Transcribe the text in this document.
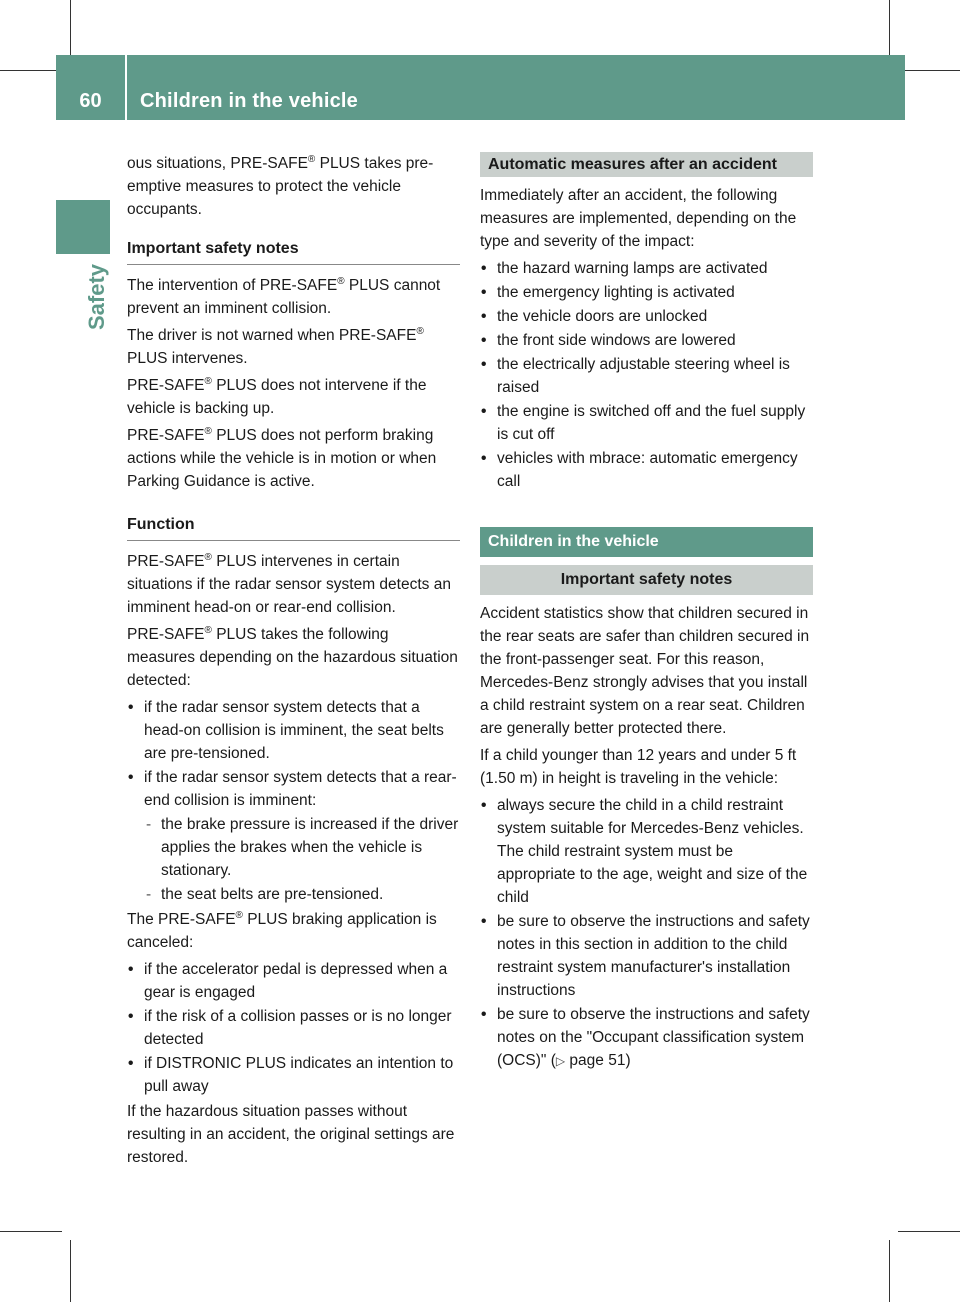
60	Children in the vehicle
Safety

ous situations, PRE-SAFE® PLUS takes pre-emptive measures to protect the vehicle occupants.

Important safety notes

The intervention of PRE-SAFE® PLUS cannot prevent an imminent collision.

The driver is not warned when PRE-SAFE® PLUS intervenes.

PRE-SAFE® PLUS does not intervene if the vehicle is backing up.

PRE-SAFE® PLUS does not perform braking actions while the vehicle is in motion or when Parking Guidance is active.

Function

PRE-SAFE® PLUS intervenes in certain situations if the radar sensor system detects an imminent head-on or rear-end collision.

PRE-SAFE® PLUS takes the following measures depending on the hazardous situation detected:

• if the radar sensor system detects that a head-on collision is imminent, the seat belts are pre-tensioned.
• if the radar sensor system detects that a rear-end collision is imminent:
- the brake pressure is increased if the driver applies the brakes when the vehicle is stationary.
- the seat belts are pre-tensioned.

The PRE-SAFE® PLUS braking application is canceled:

• if the accelerator pedal is depressed when a gear is engaged
• if the risk of a collision passes or is no longer detected
• if DISTRONIC PLUS indicates an intention to pull away

If the hazardous situation passes without resulting in an accident, the original settings are restored.

Automatic measures after an accident

Immediately after an accident, the following measures are implemented, depending on the type and severity of the impact:

• the hazard warning lamps are activated
• the emergency lighting is activated
• the vehicle doors are unlocked
• the front side windows are lowered
• the electrically adjustable steering wheel is raised
• the engine is switched off and the fuel supply is cut off
• vehicles with mbrace: automatic emergency call
Children in the vehicle
Important safety notes

Accident statistics show that children secured in the rear seats are safer than children secured in the front-passenger seat. For this reason, Mercedes-Benz strongly advises that you install a child restraint system on a rear seat. Children are generally better protected there.

If a child younger than 12 years and under 5 ft (1.50 m) in height is traveling in the vehicle:

• always secure the child in a child restraint system suitable for Mercedes-Benz vehicles. The child restraint system must be appropriate to the age, weight and size of the child
• be sure to observe the instructions and safety notes in this section in addition to the child restraint system manufacturer's installation instructions
• be sure to observe the instructions and safety notes on the "Occupant classification system (OCS)" (▷ page 51)
